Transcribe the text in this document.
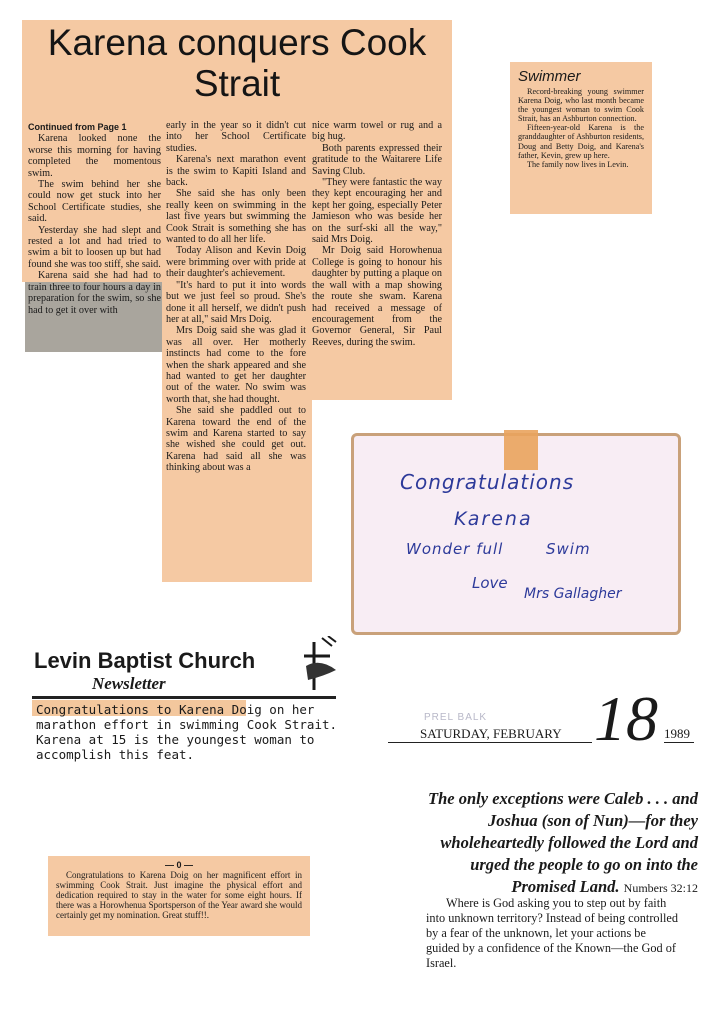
Karena conquers Cook Strait

Continued from Page 1

Karena looked none the worse this morning for having completed the momentous swim.

The swim behind her she could now get stuck into her School Certificate studies, she said.

Yesterday she had slept and rested a lot and had tried to swim a bit to loosen up but had found she was too stiff, she said.

Karena said she had had to train three to four hours a day in preparation for the swim, so she had to get it over with

early in the year so it didn't cut into her School Certificate studies.

Karena's next marathon event is the swim to Kapiti Island and back.

She said she has only been really keen on swimming in the last five years but swimming the Cook Strait is something she has wanted to do all her life.

Today Alison and Kevin Doig were brimming over with pride at their daughter's achievement.

"It's hard to put it into words but we just feel so proud. She's done it all herself, we didn't push her at all," said Mrs Doig.

Mrs Doig said she was glad it was all over. Her motherly instincts had come to the fore when the shark appeared and she had wanted to get her daughter out of the water. No swim was worth that, she had thought.

She said she paddled out to Karena toward the end of the swim and Karena started to say she wished she could get out. Karena had said all she was thinking about was a

nice warm towel or rug and a big hug.

Both parents expressed their gratitude to the Waitarere Life Saving Club.

"They were fantastic the way they kept encouraging her and kept her going, especially Peter Jamieson who was beside her on the surf-ski all the way," said Mrs Doig.

Mr Doig said Horowhenua College is going to honour his daughter by putting a plaque on the wall with a map showing the route she swam. Karena had received a message of encouragement from the Governor General, Sir Paul Reeves, during the swim.

Swimmer

Record-breaking young swimmer Karena Doig, who last month became the youngest woman to swim Cook Strait, has an Ashburton connection.

Fifteen-year-old Karena is the granddaughter of Ashburton residents, Doug and Betty Doig, and Karena's father, Kevin, grew up here.

The family now lives in Levin.

Congratulations
Karena
Wonder full	Swim
Love
Mrs Gallagher
Levin Baptist Church
Newsletter
Congratulations to Karena Doig on her marathon effort in swimming Cook Strait. Karena at 15 is the youngest woman to accomplish this feat.
— 0 —

Congratulations to Karena Doig on her magnificent effort in swimming Cook Strait. Just imagine the physical effort and dedication required to stay in the water for some eight hours. If there was a Horowhenua Sportsperson of the Year award she would certainly get my nomination. Great stuff!!.

PREL BALK
SATURDAY, FEBRUARY 18 1989
The only exceptions were Caleb . . . and Joshua (son of Nun)—for they wholeheartedly followed the Lord and urged the people to go on into the Promised Land. Numbers 32:12
Where is God asking you to step out by faith into unknown territory? Instead of being controlled by a fear of the unknown, let your actions be guided by a confidence of the Known—the God of Israel.
